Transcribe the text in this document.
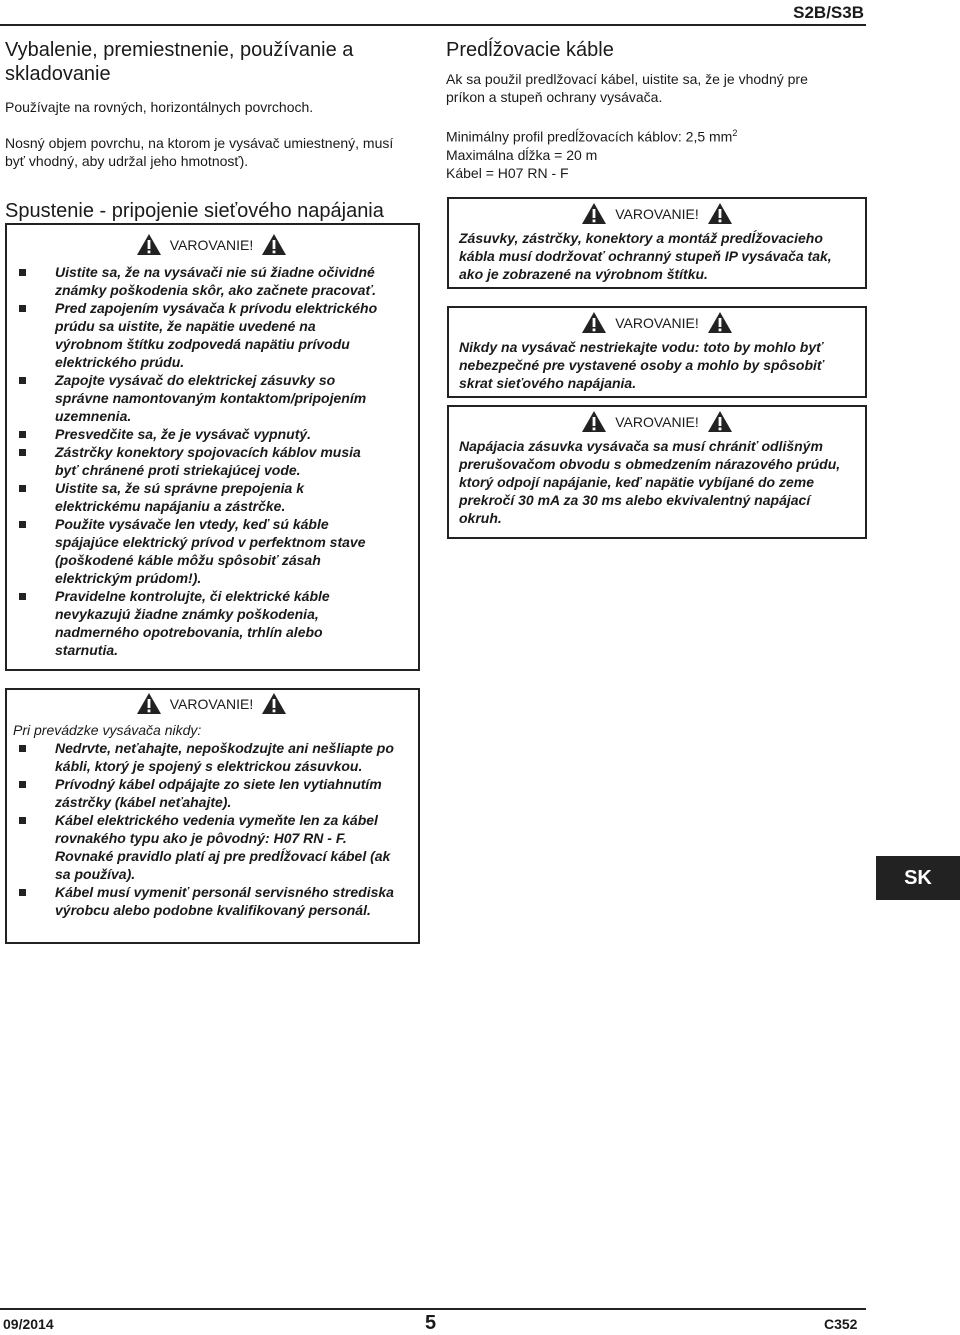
S2B/S3B
Vybalenie, premiestnenie, používanie a skladovanie

Používajte na rovných, horizontálnych povrchoch.

Nosný objem povrchu, na ktorom je vysávač umiestnený, musí byť vhodný, aby udržal jeho hmotnosť).

Spustenie - pripojenie sieťového napájania
VAROVANIE!
Uistite sa, že na vysávači nie sú žiadne očividné známky poškodenia skôr, ako začnete pracovať.
Pred zapojením vysávača k prívodu elektrického prúdu sa uistite, že napätie uvedené na výrobnom štítku zodpovedá napätiu prívodu elektrického prúdu.
Zapojte vysávač do elektrickej zásuvky so správne namontovaným kontaktom/pripojením uzemnenia.
Presvedčite sa, že je vysávač vypnutý.
Zástrčky konektory spojovacích káblov musia byť chránené proti striekajúcej vode.
Uistite sa, že sú správne prepojenia k elektrickému napájaniu a zástrčke.
Použite vysávače len vtedy, keď sú káble spájajúce elektrický prívod v perfektnom stave (poškodené káble môžu spôsobiť zásah elektrickým prúdom!).
Pravidelne kontrolujte, či elektrické káble nevykazujú žiadne známky poškodenia, nadmerného opotrebovania, trhlín alebo starnutia.
Predĺžovacie káble

Ak sa použil predlžovací kábel, uistite sa, že je vhodný pre príkon a stupeň ochrany vysávača.

Minimálny profil predĺžovacích káblov: 2,5 $mm^2$

Maximálna dĺžka = 20 m

Kábel = H07 RN - F

VAROVANIE!
Zásuvky, zástrčky, konektory a montáž predĺžovacieho kábla musí dodržovať ochranný stupeň IP vysávača tak, ako je zobrazené na výrobnom štítku.
VAROVANIE!
Nikdy na vysávač nestriekajte vodu: toto by mohlo byť nebezpečné pre vystavené osoby a mohlo by spôsobiť skrat sieťového napájania.
VAROVANIE!
Napájacia zásuvka vysávača sa musí chrániť odlišným prerušovačom obvodu s obmedzením nárazového prúdu, ktorý odpojí napájanie, keď napätie vybíjané do zeme prekročí 30 mA za 30 ms alebo ekvivalentný napájací okruh.
VAROVANIE!
Pri prevádzke vysávača nikdy:
Nedrvte, neťahajte, nepoškodzujte ani nešliapte po kábli, ktorý je spojený s elektrickou zásuvkou.
Prívodný kábel odpájajte zo siete len vytiahnutím zástrčky (kábel neťahajte).
Kábel elektrického vedenia vymeňte len za kábel rovnakého typu ako je pôvodný: H07 RN - F. Rovnaké pravidlo platí aj pre predĺžovací kábel (ak sa používa).
Kábel musí vymeniť personál servisného strediska výrobcu alebo podobne kvalifikovaný personál.
SK
09/2014	5	C352
